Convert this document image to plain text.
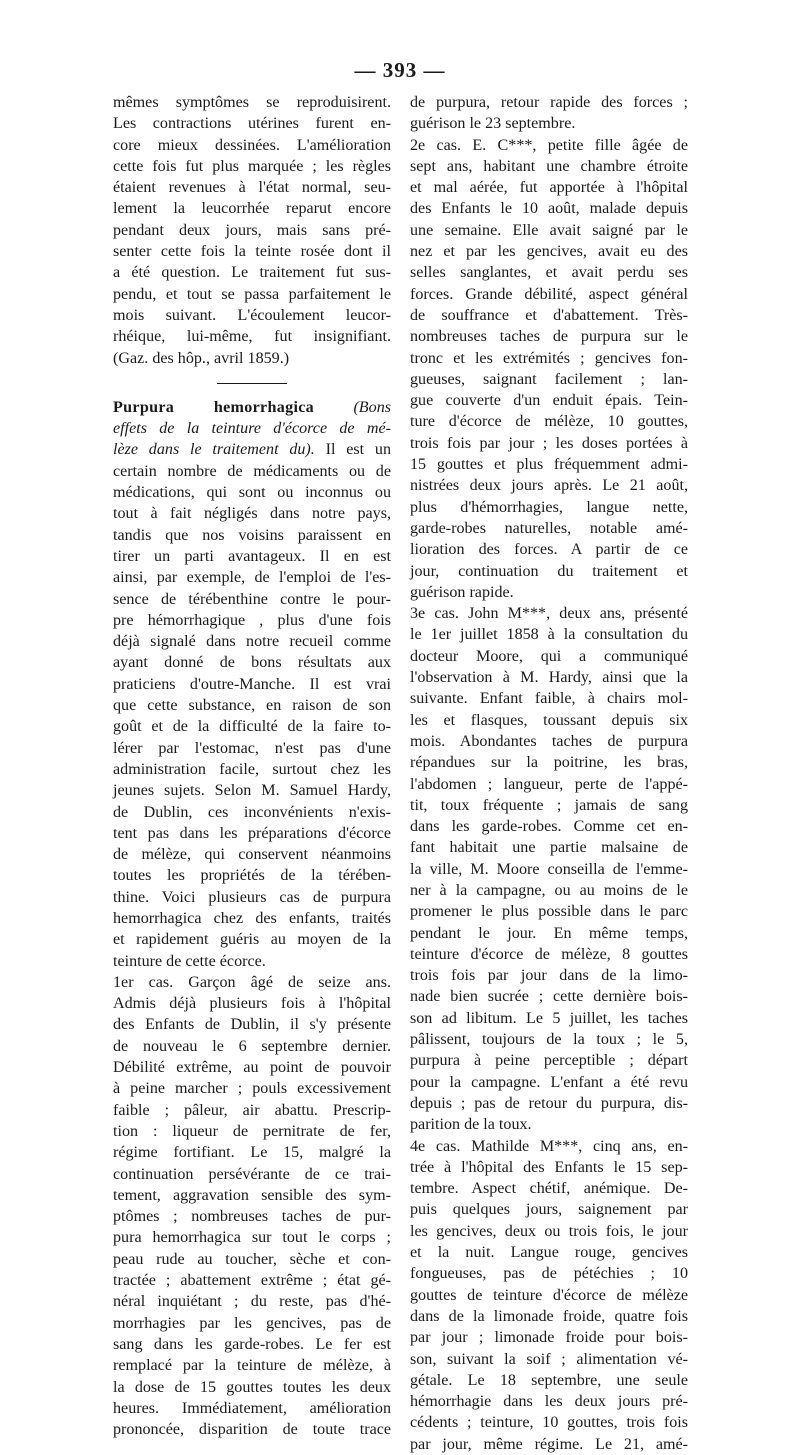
— 393 —
mêmes symptômes se reproduisirent.
Les contractions utérines furent en-
core mieux dessinées. L'amélioration
cette fois fut plus marquée ; les règles
étaient revenues à l'état normal, seu-
lement la leucorrhée reparut encore
pendant deux jours, mais sans pré-
senter cette fois la teinte rosée dont il
a été question. Le traitement fut sus-
pendu, et tout se passa parfaitement le
mois suivant. L'écoulement leucor-
rhéique, lui-même, fut insignifiant.
(Gaz. des hôp., avril 1859.)
Purpura hemorrhagica (Bons
effets de la teinture d'écorce de mé-
lèze dans le traitement du). Il est un
certain nombre de médicaments ou de
médications, qui sont ou inconnus ou
tout à fait négligés dans notre pays,
tandis que nos voisins paraissent en
tirer un parti avantageux. Il en est
ainsi, par exemple, de l'emploi de l'es-
sence de térébenthine contre le pour-
pre hémorrhagique , plus d'une fois
déjà signalé dans notre recueil comme
ayant donné de bons résultats aux
praticiens d'outre-Manche. Il est vrai
que cette substance, en raison de son
goût et de la difficulté de la faire to-
lérer par l'estomac, n'est pas d'une
administration facile, surtout chez les
jeunes sujets. Selon M. Samuel Hardy,
de Dublin, ces inconvénients n'exis-
tent pas dans les préparations d'écorce
de mélèze, qui conservent néanmoins
toutes les propriétés de la térében-
thine. Voici plusieurs cas de purpura
hemorrhagica chez des enfants, traités
et rapidement guéris au moyen de la
teinture de cette écorce.
1er cas. Garçon âgé de seize ans.
Admis déjà plusieurs fois à l'hôpital
des Enfants de Dublin, il s'y présente
de nouveau le 6 septembre dernier.
Débilité extrême, au point de pouvoir
à peine marcher ; pouls excessivement
faible ; pâleur, air abattu. Prescrip-
tion : liqueur de pernitrate de fer,
régime fortifiant. Le 15, malgré la
continuation persévérante de ce trai-
tement, aggravation sensible des sym-
ptômes ; nombreuses taches de pur-
pura hemorrhagica sur tout le corps ;
peau rude au toucher, sèche et con-
tractée ; abattement extrême ; état gé-
néral inquiétant ; du reste, pas d'hé-
morrhagies par les gencives, pas de
sang dans les garde-robes. Le fer est
remplacé par la teinture de mélèze, à
la dose de 15 gouttes toutes les deux
heures. Immédiatement, amélioration
prononcée, disparition de toute trace
de purpura, retour rapide des forces ;
guérison le 23 septembre.
2e cas. E. C***, petite fille âgée de
sept ans, habitant une chambre étroite
et mal aérée, fut apportée à l'hôpital
des Enfants le 10 août, malade depuis
une semaine. Elle avait saigné par le
nez et par les gencives, avait eu des
selles sanglantes, et avait perdu ses
forces. Grande débilité, aspect général
de souffrance et d'abattement. Très-
nombreuses taches de purpura sur le
tronc et les extrémités ; gencives fon-
gueuses, saignant facilement ; lan-
gue couverte d'un enduit épais. Tein-
ture d'écorce de mélèze, 10 gouttes,
trois fois par jour ; les doses portées à
15 gouttes et plus fréquemment admi-
nistrées deux jours après. Le 21 août,
plus d'hémorrhagies, langue nette,
garde-robes naturelles, notable amé-
lioration des forces. A partir de ce
jour, continuation du traitement et
guérison rapide.
3e cas. John M***, deux ans, présenté
le 1er juillet 1858 à la consultation du
docteur Moore, qui a communiqué
l'observation à M. Hardy, ainsi que la
suivante. Enfant faible, à chairs mol-
les et flasques, toussant depuis six
mois. Abondantes taches de purpura
répandues sur la poitrine, les bras,
l'abdomen ; langueur, perte de l'appé-
tit, toux fréquente ; jamais de sang
dans les garde-robes. Comme cet en-
fant habitait une partie malsaine de
la ville, M. Moore conseilla de l'emme-
ner à la campagne, ou au moins de le
promener le plus possible dans le parc
pendant le jour. En même temps,
teinture d'écorce de mélèze, 8 gouttes
trois fois par jour dans de la limo-
nade bien sucrée ; cette dernière bois-
son ad libitum. Le 5 juillet, les taches
pâlissent, toujours de la toux ; le 5,
purpura à peine perceptible ; départ
pour la campagne. L'enfant a été revu
depuis ; pas de retour du purpura, dis-
parition de la toux.
4e cas. Mathilde M***, cinq ans, en-
trée à l'hôpital des Enfants le 15 sep-
tembre. Aspect chétif, anémique. De-
puis quelques jours, saignement par
les gencives, deux ou trois fois, le jour
et la nuit. Langue rouge, gencives
fongueuses, pas de pétéchies ; 10
gouttes de teinture d'écorce de mélèze
dans de la limonade froide, quatre fois
par jour ; limonade froide pour bois-
son, suivant la soif ; alimentation vé-
gétale. Le 18 septembre, une seule
hémorrhagie dans les deux jours pré-
cédents ; teinture, 10 gouttes, trois fois
par jour, même régime. Le 21, amé-
